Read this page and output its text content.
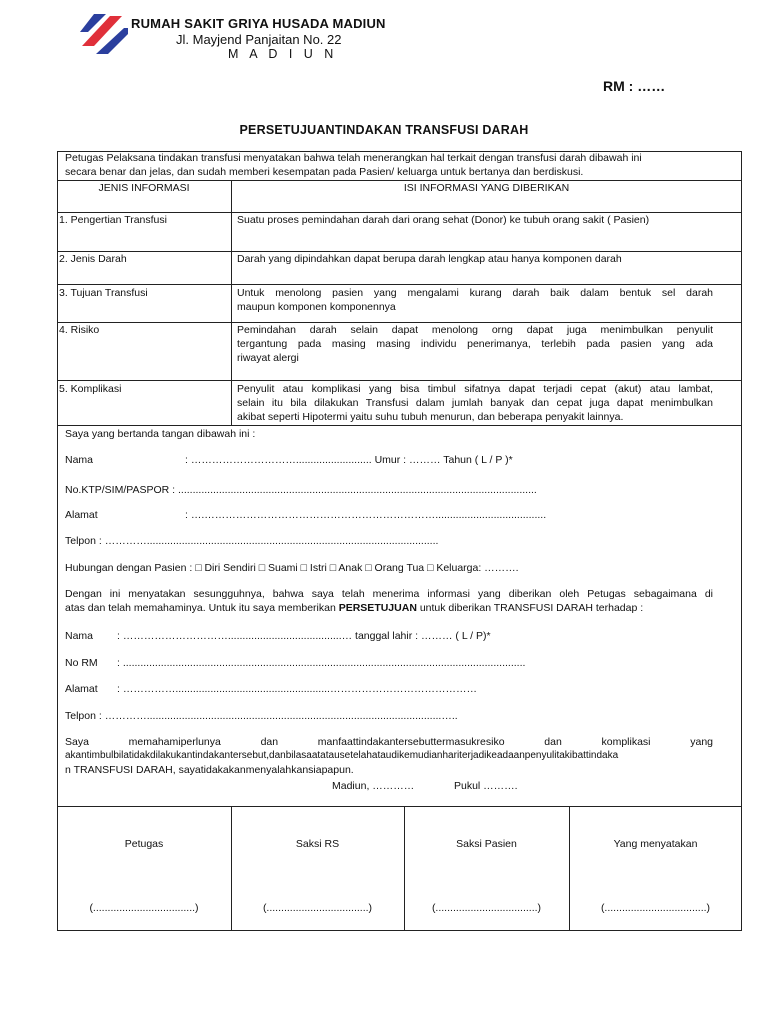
RUMAH SAKIT GRIYA HUSADA MADIUN
Jl. Mayjend Panjaitan No. 22
M A D I U N
RM : ……
PERSETUJUANTINDAKAN TRANSFUSI DARAH
Petugas Pelaksana tindakan transfusi menyatakan bahwa telah menerangkan hal terkait dengan transfusi darah dibawah ini
secara benar dan jelas, dan sudah memberi kesempatan pada Pasien/ keluarga untuk bertanya dan berdiskusi.
JENIS INFORMASI	ISI INFORMASI YANG DIBERIKAN
1. Pengertian Transfusi	Suatu proses pemindahan darah dari orang sehat (Donor) ke tubuh orang sakit ( Pasien)
2. Jenis Darah	Darah yang dipindahkan dapat berupa darah lengkap atau hanya komponen darah
3. Tujuan Transfusi	Untuk menolong pasien yang mengalami kurang darah baik dalam bentuk sel darah
maupun komponen komponennya
4. Risiko	Pemindahan darah selain dapat menolong orng dapat juga menimbulkan penyulit
tergantung pada masing masing individu penerimanya, terlebih pada pasien yang ada
riwayat alergi
5. Komplikasi	Penyulit atau komplikasi yang bisa timbul sifatnya dapat terjadi cepat (akut) atau lambat,
selain itu bila dilakukan Transfusi dalam jumlah banyak dan cepat juga dapat menimbulkan
akibat seperti Hipotermi yaitu suhu tubuh menurun, dan beberapa penyakit lainnya.
Saya yang bertanda tangan dibawah ini :
Nama	: ………………………….......................... Umur : ……… Tahun ( L / P )*
No.KTP/SIM/PASPOR : ...........................................................................................................................
Alamat	: ….…………………………………………………………......................................
Telpon : …………....................................................................................................
Hubungan dengan Pasien : □ Diri Sendiri □ Suami □ Istri □ Anak □ Orang Tua □ Keluarga: ……….
Dengan ini menyatakan sesungguhnya, bahwa saya telah menerima informasi yang diberikan oleh Petugas sebagaimana di
atas dan telah memahaminya. Untuk itu saya memberikan PERSETUJUAN untuk diberikan TRANSFUSI DARAH terhadap :
Nama : ………………………….......................................… tanggal lahir : ……… ( L / P)*
No RM : ..........................................................................................................................................
Alamat : …………….....................................................……………………………………
Telpon : ………….....................................................................................................…..
Saya memahamiperlunya dan manfaattindakantersebuttermasukresiko dan komplikasi yang
akantimbulbilatidakdilakukantindakantersebut,danbilasaatatausetelahataudikemudianhariterjadikeadaanpenyulitakibattindaka
n TRANSFUSI DARAH, sayatidakakanmenyalahkansiapapun.
Madiun, …………	Pukul ……….
Petugas	Saksi RS	Saksi Pasien	Yang menyatakan
(...................................)	(...................................)	(...................................)	(...................................)
